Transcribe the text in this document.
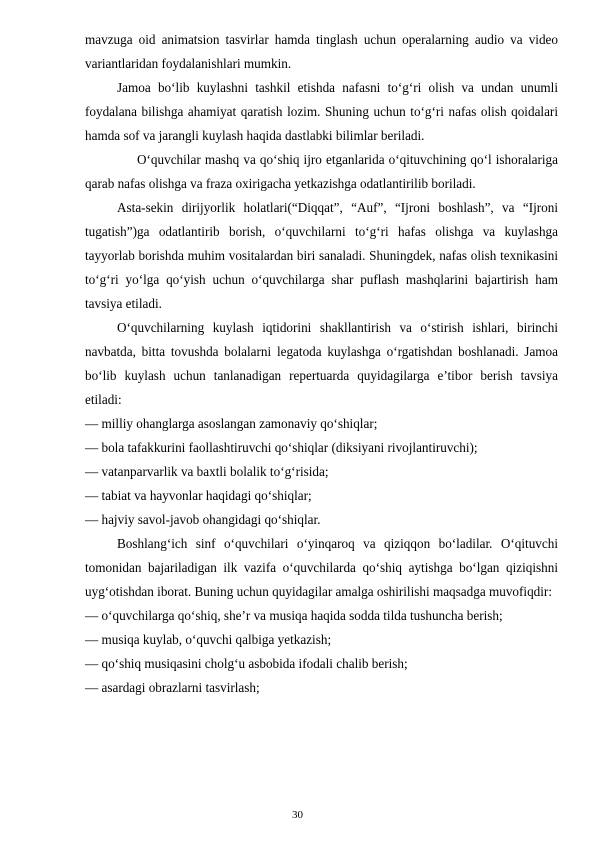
mavzuga oid animatsion tasvirlar hamda tinglash uchun operalarning audio va video variantlaridan foydalanishlari mumkin.

Jamoa bo‘lib kuylashni tashkil etishda nafasni to‘g‘ri olish va undan unumli foydalana bilishga ahamiyat qaratish lozim. Shuning uchun to‘g‘ri nafas olish qoidalari hamda sof va jarangli kuylash haqida dastlabki bilimlar beriladi.

O‘quvchilar mashq va qo‘shiq ijro etganlarida o‘qituvchining qo‘l ishoralariga qarab nafas olishga va fraza oxirigacha yetkazishga odatlantirilib boriladi.

Asta-sekin dirijyorlik holatlari(“Diqqat”, “Auf”, “Ijroni boshlash”, va “Ijroni tugatish”)ga odatlantirib borish, o‘quvchilarni to‘g‘ri hafas olishga va kuylashga tayyorlab borishda muhim vositalardan biri sanaladi. Shuningdek, nafas olish texnikasini to‘g‘ri yo‘lga qo‘yish uchun o‘quvchilarga shar puflash mashqlarini bajartirish ham tavsiya etiladi.

O‘quvchilarning kuylash iqtidorini shakllantirish va o‘stirish ishlari, birinchi navbatda, bitta tovushda bolalarni legatoda kuylashga o‘rgatishdan boshlanadi. Jamoa bo‘lib kuylash uchun tanlanadigan repertuarda quyidagilarga e’tibor berish tavsiya etiladi:

— milliy ohanglarga asoslangan zamonaviy qo‘shiqlar;

— bola tafakkurini faollashtiruvchi qo‘shiqlar (diksiyani rivojlantiruvchi);

— vatanparvarlik va baxtli bolalik to‘g‘risida;

— tabiat va hayvonlar haqidagi qo‘shiqlar;

— hajviy savol-javob ohangidagi qo‘shiqlar.

Boshlang‘ich sinf o‘quvchilari o‘yinqaroq va qiziqqon bo‘ladilar. O‘qituvchi tomonidan bajariladigan ilk vazifa o‘quvchilarda qo‘shiq aytishga bo‘lgan qiziqishni uyg‘otishdan iborat. Buning uchun quyidagilar amalga oshirilishi maqsadga muvofiqdir:

— o‘quvchilarga qo‘shiq, she’r va musiqa haqida sodda tilda tushuncha berish;

— musiqa kuylab, o‘quvchi qalbiga yetkazish;

— qo‘shiq musiqasini cholg‘u asbobida ifodali chalib berish;

— asardagi obrazlarni tasvirlash;

30
